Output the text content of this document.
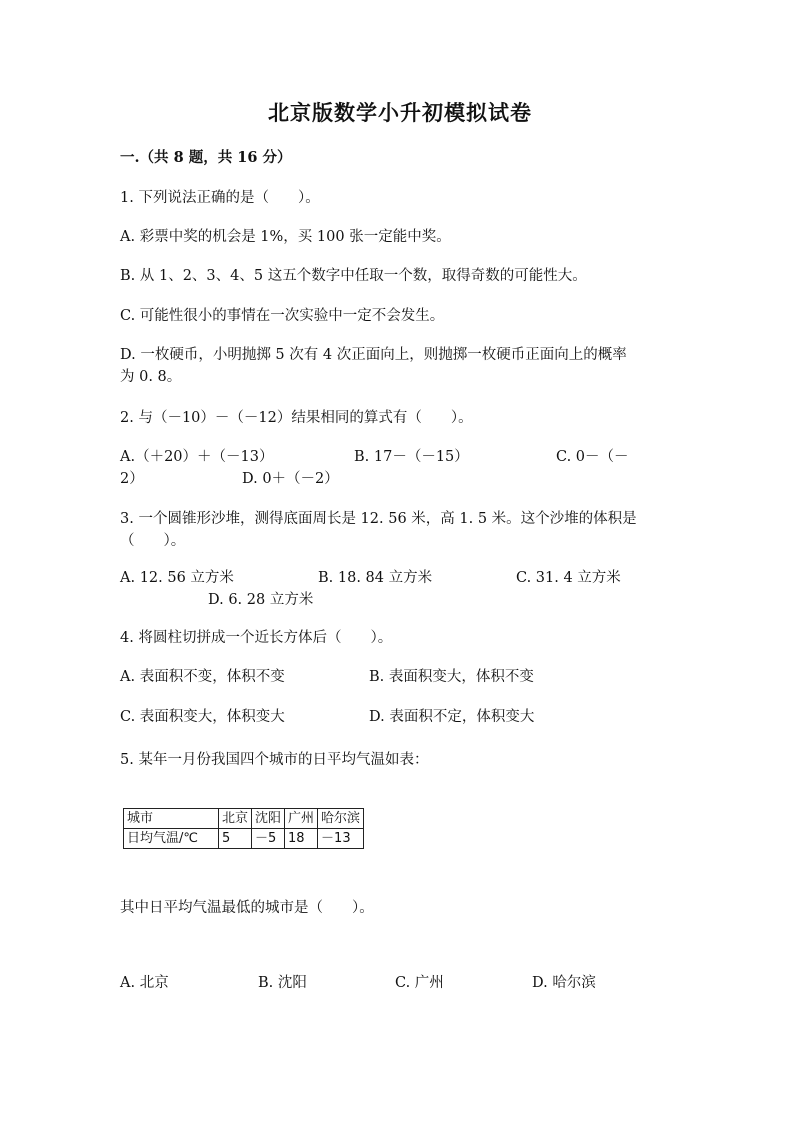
北京版数学小升初模拟试卷
一.（共 8 题，共 16 分）
1. 下列说法正确的是（　　）。
A. 彩票中奖的机会是 1%，买 100 张一定能中奖。
B. 从 1、2、3、4、5 这五个数字中任取一个数，取得奇数的可能性大。
C. 可能性很小的事情在一次实验中一定不会发生。
D. 一枚硬币，小明抛掷 5 次有 4 次正面向上，则抛掷一枚硬币正面向上的概率
为 0. 8。
2. 与（－10）－（－12）结果相同的算式有（　　）。
A.（＋20）＋（－13）	B. 17－（－15）	C. 0－（－
2）	D. 0＋（－2）
3. 一个圆锥形沙堆，测得底面周长是 12. 56 米，高 1. 5 米。这个沙堆的体积是
（　　）。
A. 12. 56 立方米	B. 18. 84 立方米	C. 31. 4 立方米
D. 6. 28 立方米
4. 将圆柱切拼成一个近长方体后（　　）。
A. 表面积不变，体积不变	B. 表面积变大，体积不变
C. 表面积变大，体积变大	D. 表面积不定，体积变大
5. 某年一月份我国四个城市的日平均气温如表：
城市	北京	沈阳	广州	哈尔滨
日均气温/℃	5	－5	18	－13
其中日平均气温最低的城市是（　　）。
A. 北京	B. 沈阳	C. 广州	D. 哈尔滨
